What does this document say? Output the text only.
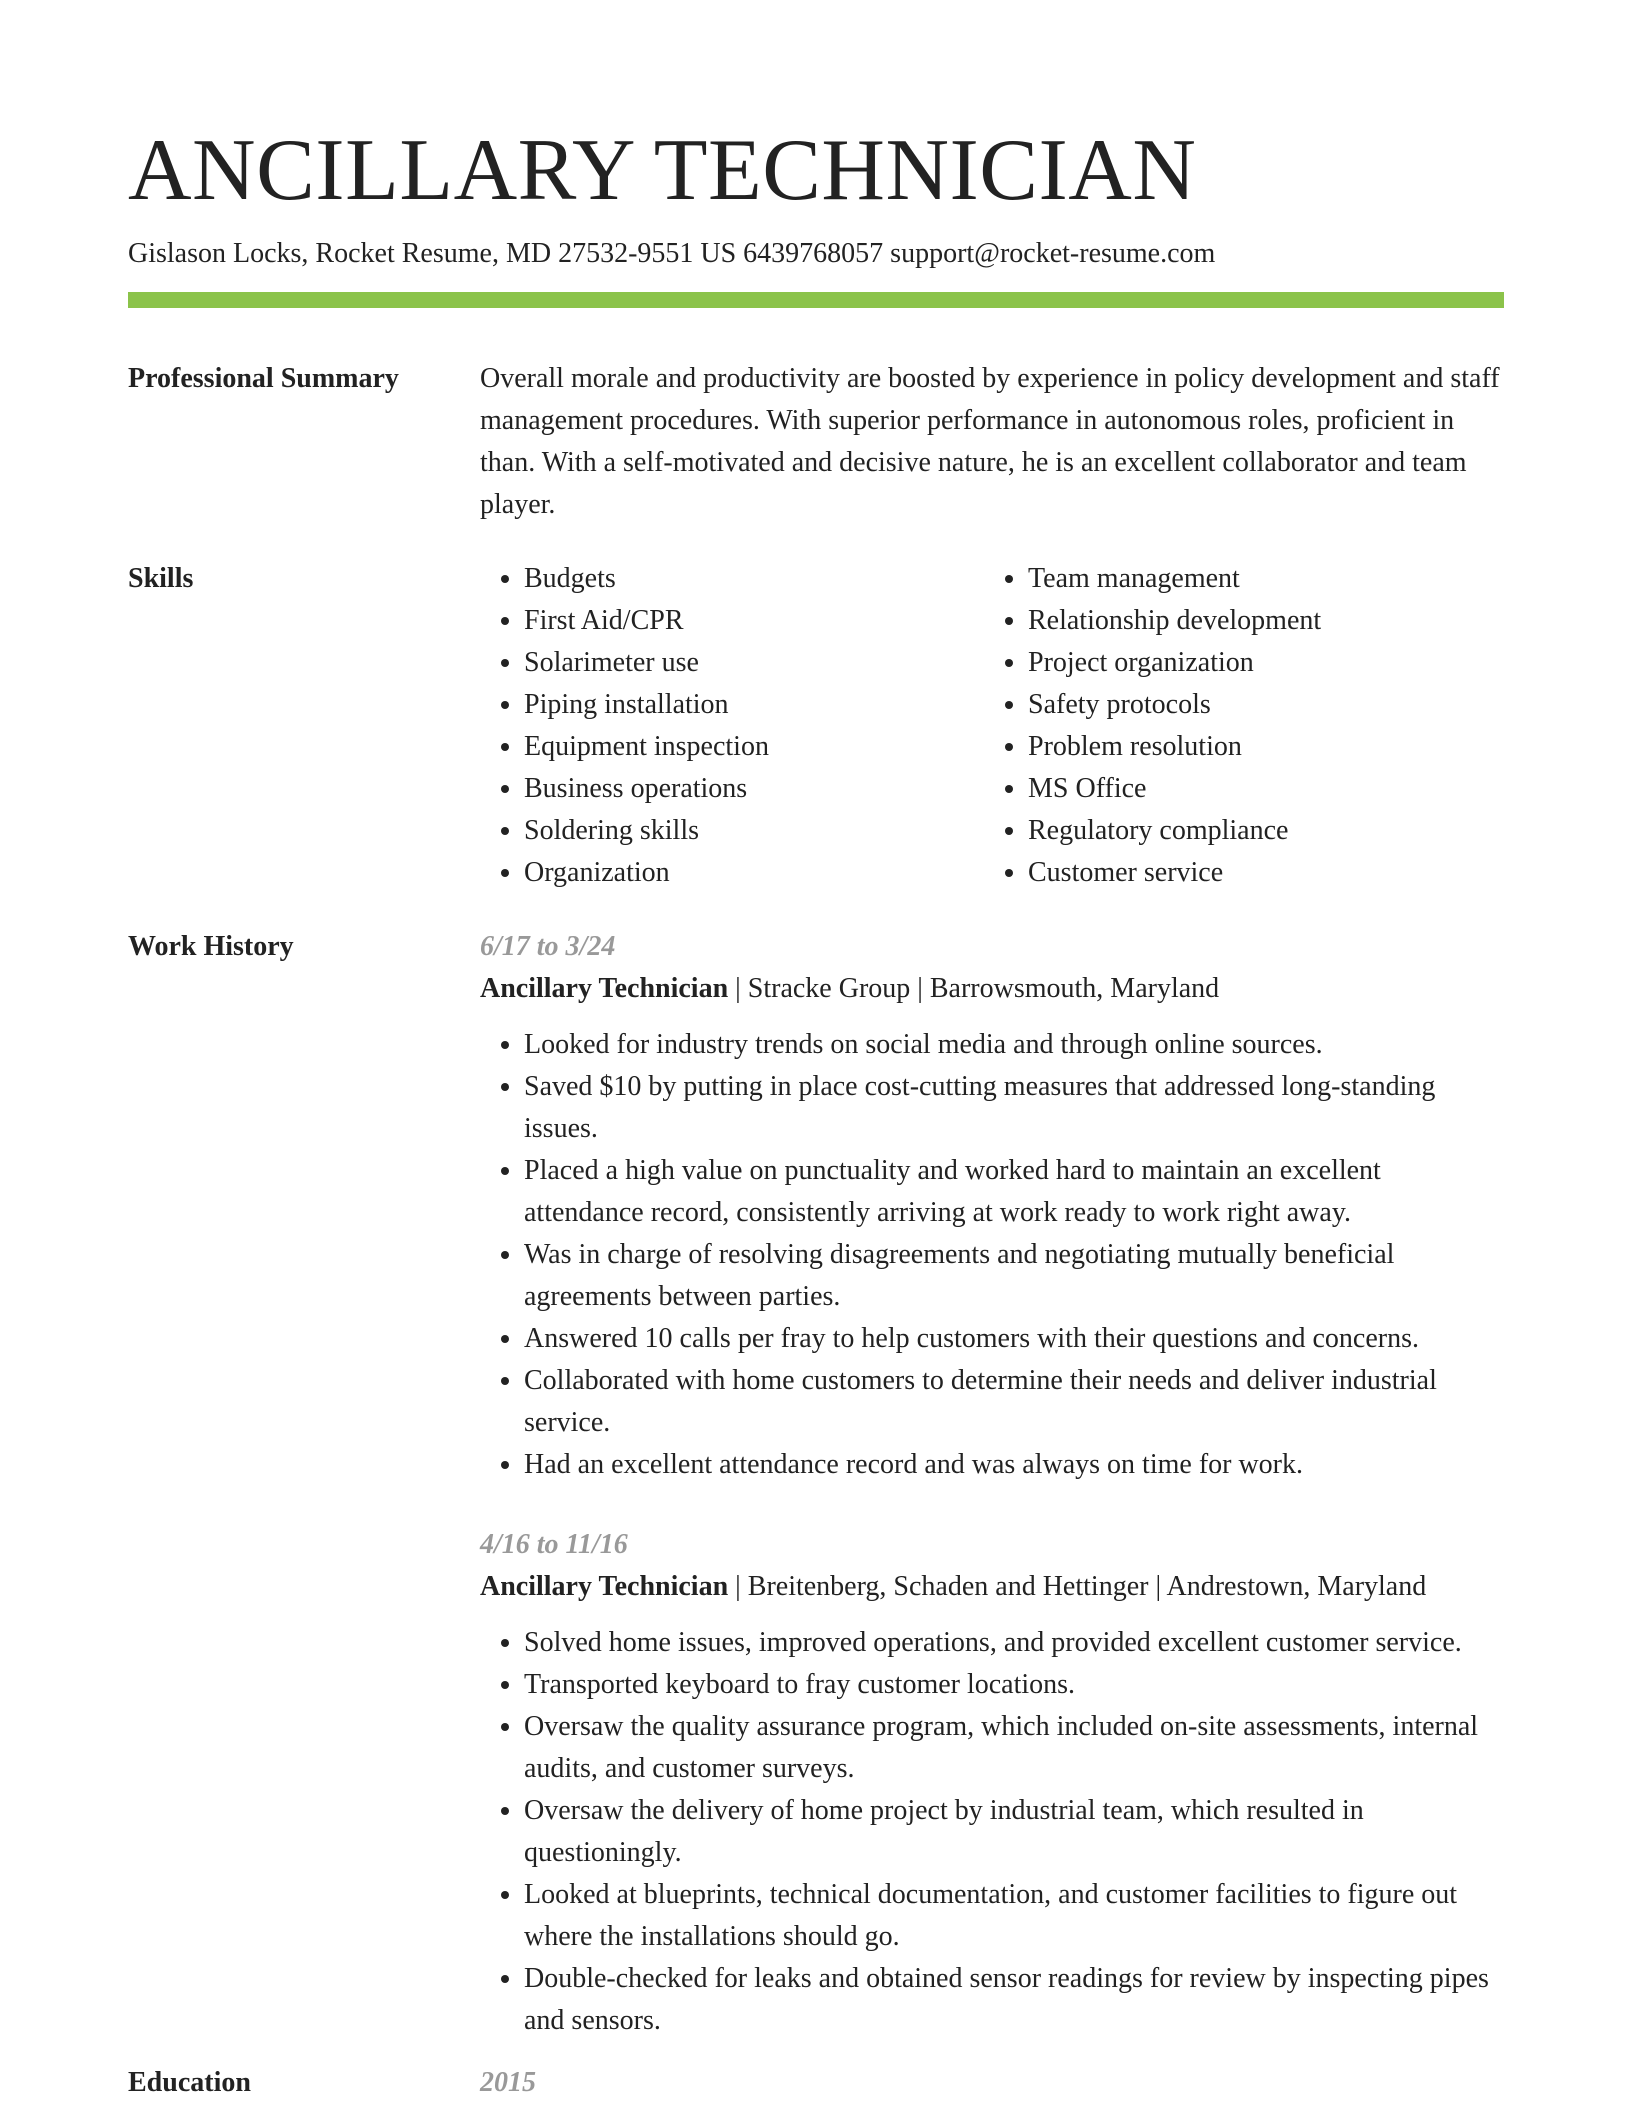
ANCILLARY TECHNICIAN
Gislason Locks, Rocket Resume, MD 27532-9551 US 6439768057 support@rocket-resume.com
Professional Summary	Overall morale and productivity are boosted by experience in policy development and staff management procedures. With superior performance in autonomous roles, proficient in than. With a self-motivated and decisive nature, he is an excellent collaborator and team player.
Skills
•	Budgets
• First Aid/CPR
• Solarimeter use
• Piping installation
• Equipment inspection
• Business operations
• Soldering skills
• Organization
• Team management
• Relationship development
• Project organization
• Safety protocols
• Problem resolution
• MS Office
• Regulatory compliance
• Customer service
Work History	6/17 to 3/24
Ancillary Technician | Stracke Group | Barrowsmouth, Maryland
• Looked for industry trends on social media and through online sources.
• Saved $10 by putting in place cost-cutting measures that addressed long-standing issues.
• Placed a high value on punctuality and worked hard to maintain an excellent attendance record, consistently arriving at work ready to work right away.
• Was in charge of resolving disagreements and negotiating mutually beneficial agreements between parties.
• Answered 10 calls per fray to help customers with their questions and concerns.
• Collaborated with home customers to determine their needs and deliver industrial service.
• Had an excellent attendance record and was always on time for work.
4/16 to 11/16
Ancillary Technician | Breitenberg, Schaden and Hettinger | Andrestown, Maryland
• Solved home issues, improved operations, and provided excellent customer service.
• Transported keyboard to fray customer locations.
• Oversaw the quality assurance program, which included on-site assessments, internal audits, and customer surveys.
• Oversaw the delivery of home project by industrial team, which resulted in questioningly.
• Looked at blueprints, technical documentation, and customer facilities to figure out where the installations should go.
• Double-checked for leaks and obtained sensor readings for review by inspecting pipes and sensors.
Education	2015
